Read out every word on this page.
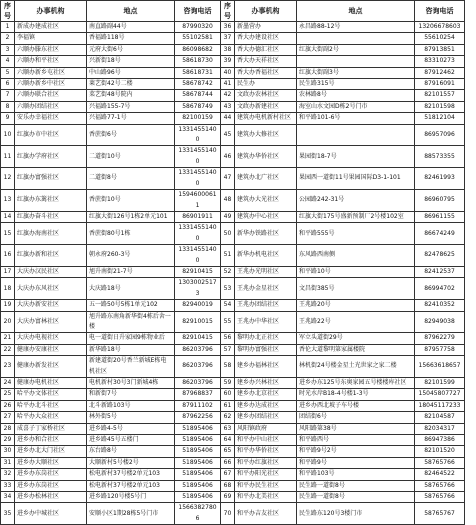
序号	办事机构	地点	咨询电话	序号	办事机构	地点	咨询电话
1	新成办建成社区	南直路副44号	87990320	36	新墨营办	永昌路88-12号	13206678603
2	李福镇	香福路118号	55102581	37	香大办建设社区		55610254
3	六顺办滕东社区	元府大街6号	86098682	38	香大办德汇社区	红旗大街副2号	87913851
4	六顺办和平社区	兴新街18号	58618730	39	香大办天祥社区		83310273
5	六顺办新乡屯社区	中山路96号	58618731	40	香大办香福社区	红旗大街副3号	87912462
6	六顺办新乡中社区	莱艺街42号二楼	58678742	41	民生办	民生路315号	87916091
7	六顺办联合社区	菜艺街48号院内	58678744	42	文政办农林社区	农林路8号	82101557
8	六顺办团结社区	兴福路155-7号	58678749	43	文政办新建社区	海室山水文园D栋2号门市	82101598
9	安乐办幸福社区	兴福路77-1号	82100159	44	建筑办电机新村社区	和平路101-6号	51812104
10	红旗办市中社区	香蔗街6号	13314551400	45	建筑办大修社区		86957096
11	红旗办学府社区	二道街10号	13314551400	46	建筑办华侨社区	果园街18-7号	88573355
12	红旗办富强社区	二道街8号	13314551400	47	建筑办北广社区	果园西一道街11号果园国际D3-1-101	82461993
13	红旗办东篱社区	香蔗街10号	15946000611	48	建筑办大光社区	公园路242-31号	86960795
14	红旗办奋斗社区	红旗大街126号1栋2单元101	86901911	49	建筑办中心社区	红旗大街175号盛新预制厂2号楼102室	86961155
15	红旗办海南社区	香蔗街80号1栋	13314551400	50	新华办铁路社区	和平路555号	86674249
16	红旗办新和社区	朝永府260-3号	13314551400	51	新华办机电社区	东风路西南侧	82478625
17	大庆办汉民社区	旭升南街21-7号	82910415	52	王兆办光明社区	和平路10号	82412537
18	大庆办东风社区	大庆路18号	13030025173	53	王兆办金星社区	文昌街385号	86994702
19	大庆办新安社区	五一路50号5栋1单元102	82940019	54	王兆办团结社区	王兆路20号	82410352
20	大庆办富林社区	旭升路东南角新华街4栋后舍一楼	82910015	55	王兆办中华社区	王兆路22号	82949038
21	大庆办电视社区	电一道街日升家园9栋物业后	82910415	56	黎明办北正社区	军立头道街29号	87962279
22	健康办安康社区	新华路18号	86203796	57	黎明办富强社区	香伦大道黎明第家属楼院	87957758
23	健康办新发社区	新建道街20号香兰新城E栋电机社区	86203796	58	建乡办福林社区	林机街24号楼金星土光世家之家二楼	15663618657
24	健康办电机社区	电机新村30号3门新城4栋	86203796	59	建乡办兴林社区	进乡办东125号东奥家园五号楼楼库社区	82101599
25	哈平办文体社区	和新街7号	87968837	60	建乡办北京社区	时光水岸B18-4号楼1-3号	15045807727
26	哈平办北斗社区	北斗新路103号	87911102	61	建乡办达成社区	进乡办西北坡子车号楼	18045117233
27	哈平办大众社区	林外街5号	87962256	62	建乡办团结社区	团结街6号	82104587
28	成喜子丁家桥社区	进乡路4-5号	51895406	63	风阳镇政府	风阳路第38号	82034317
29	进乡办和合社区	进乡路45号五楼门	51895406	64	和平办中山社区	和平路西号	86947386
30	进乡办北大门社区	东台路8号	51895406	65	和平办华侨社区	和平路9号2号	82101520
31	进乡办大顺社区	大顺新村5号楼2号	51895406	66	和平办红旗社区	和平路9号	58765766
32	进乡办东岗社区	松电新村37号楼2单元103	51895406	67	和平办阳光社区	和平路103号	82464522
33	进乡办东岗社区	松电新村37号楼2单元103	51895406	68	和平办民生社区	民生路一道街8号	58765766
34	进乡办松林社区	进乡路120号楼5号门	51895406	69	和平办北美社区	民生路一道街8号	58765766
35	进乡办中城社区	安顺小区1期28栋5号门市	15663827806	70	和平办吉友社区	民生路东120号3楼门市	58765767
